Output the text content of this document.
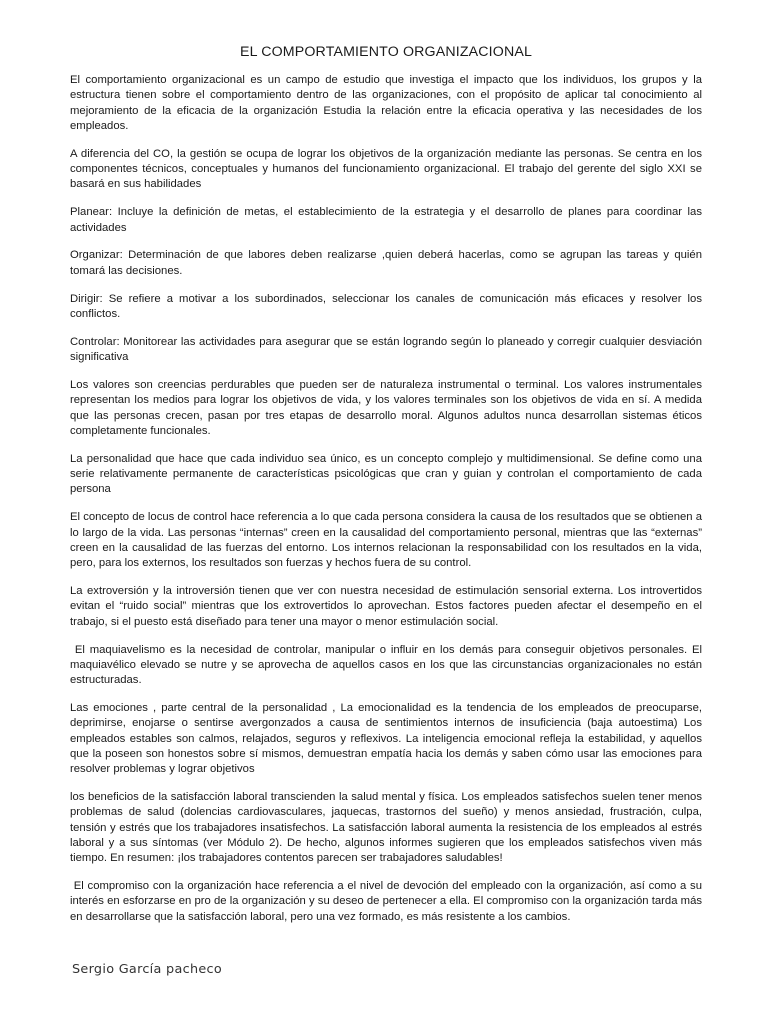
EL COMPORTAMIENTO ORGANIZACIONAL

El comportamiento organizacional es un campo de estudio que investiga el impacto que los individuos, los grupos y la estructura tienen sobre el comportamiento dentro de las organizaciones, con el propósito de aplicar tal conocimiento al mejoramiento de la eficacia de la organización Estudia la relación entre la eficacia operativa y las necesidades de los empleados.

A diferencia del CO, la gestión se ocupa de lograr los objetivos de la organización mediante las personas. Se centra en los componentes técnicos, conceptuales y humanos del funcionamiento organizacional. El trabajo del gerente del siglo XXI se basará en sus habilidades

Planear: Incluye la definición de metas, el establecimiento de la estrategia y el desarrollo de planes para coordinar las actividades

Organizar: Determinación de que labores deben realizarse ,quien deberá hacerlas, como se agrupan las tareas y quién tomará las decisiones.

Dirigir: Se refiere a motivar a los subordinados, seleccionar los canales de comunicación más eficaces y resolver los conflictos.

Controlar: Monitorear las actividades para asegurar que se están logrando según lo planeado y corregir cualquier desviación significativa

Los valores son creencias perdurables que pueden ser de naturaleza instrumental o terminal. Los valores instrumentales representan los medios para lograr los objetivos de vida, y los valores terminales son los objetivos de vida en sí. A medida que las personas crecen, pasan por tres etapas de desarrollo moral. Algunos adultos nunca desarrollan sistemas éticos completamente funcionales.

La personalidad que hace que cada individuo sea único, es un concepto complejo y multidimensional. Se define como una serie relativamente permanente de características psicológicas que cran y guian y controlan el comportamiento de cada persona

El concepto de locus de control hace referencia a lo que cada persona considera la causa de los resultados que se obtienen a lo largo de la vida. Las personas “internas” creen en la causalidad del comportamiento personal, mientras que las “externas” creen en la causalidad de las fuerzas del entorno. Los internos relacionan la responsabilidad con los resultados en la vida, pero, para los externos, los resultados son fuerzas y hechos fuera de su control.

La extroversión y la introversión tienen que ver con nuestra necesidad de estimulación sensorial externa. Los introvertidos evitan el “ruido social” mientras que los extrovertidos lo aprovechan. Estos factores pueden afectar el desempeño en el trabajo, si el puesto está diseñado para tener una mayor o menor estimulación social.

El maquiavelismo es la necesidad de controlar, manipular o influir en los demás para conseguir objetivos personales. El maquiavélico elevado se nutre y se aprovecha de aquellos casos en los que las circunstancias organizacionales no están estructuradas.

Las emociones , parte central de la personalidad , La emocionalidad es la tendencia de los empleados de preocuparse, deprimirse, enojarse o sentirse avergonzados a causa de sentimientos internos de insuficiencia (baja autoestima) Los empleados estables son calmos, relajados, seguros y reflexivos. La inteligencia emocional refleja la estabilidad, y aquellos que la poseen son honestos sobre sí mismos, demuestran empatía hacia los demás y saben cómo usar las emociones para resolver problemas y lograr objetivos

los beneficios de la satisfacción laboral transcienden la salud mental y física. Los empleados satisfechos suelen tener menos problemas de salud (dolencias cardiovasculares, jaquecas, trastornos del sueño) y menos ansiedad, frustración, culpa, tensión y estrés que los trabajadores insatisfechos. La satisfacción laboral aumenta la resistencia de los empleados al estrés laboral y a sus síntomas (ver Módulo 2). De hecho, algunos informes sugieren que los empleados satisfechos viven más tiempo. En resumen: ¡los trabajadores contentos parecen ser trabajadores saludables!

El compromiso con la organización hace referencia a el nivel de devoción del empleado con la organización, así como a su interés en esforzarse en pro de la organización y su deseo de pertenecer a ella. El compromiso con la organización tarda más en desarrollarse que la satisfacción laboral, pero una vez formado, es más resistente a los cambios.

Sergio García pacheco
